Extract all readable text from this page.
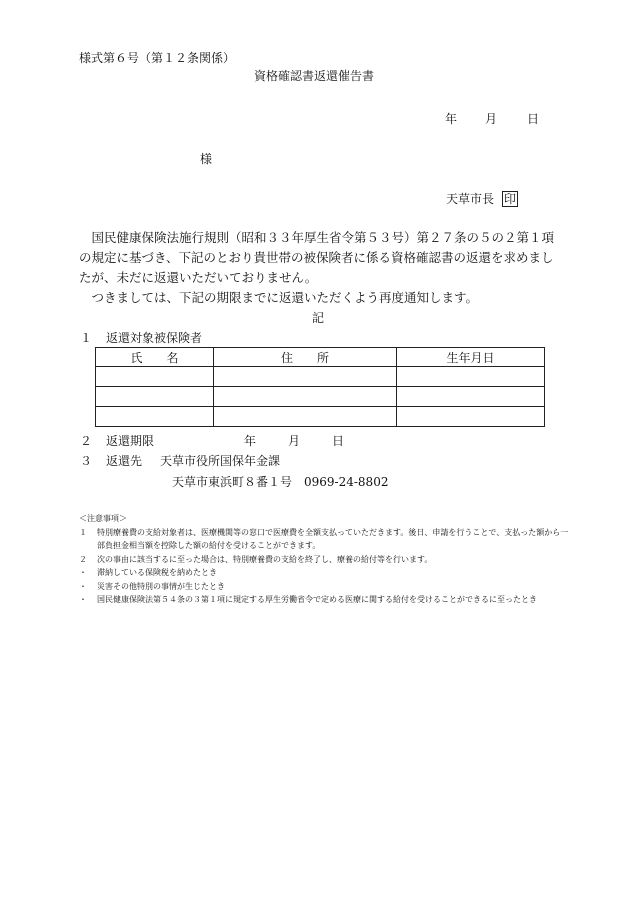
様式第６号（第１２条関係）
資格確認書返還催告書
年 月 日
様
天草市長 印

国民健康保険法施行規則（昭和３３年厚生省令第５３号）第２７条の５の２第１項の規定に基づき、下記のとおり貴世帯の被保険者に係る資格確認書の返還を求めましたが、未だに返還いただいておりません。

つきましては、下記の期限までに返還いただくよう再度通知します。

記
１ 返還対象被保険者
氏　　名	住　　所	生年月日

２ 返還期限	年	月	日
３ 返還先 天草市役所国保年金課
天草市東浜町８番１号　0969-24-8802
＜注意事項＞
１	特別療養費の支給対象者は、医療機関等の窓口で医療費を全額支払っていただきます。後日、申請を行うことで、支払った額から一部負担金相当額を控除した額の給付を受けることができます。
２	次の事由に該当するに至った場合は、特別療養費の支給を終了し、療養の給付等を行います。
・	滞納している保険税を納めたとき
・	災害その他特別の事情が生じたとき
・	国民健康保険法第５４条の３第１項に規定する厚生労働省令で定める医療に関する給付を受けることができるに至ったとき
